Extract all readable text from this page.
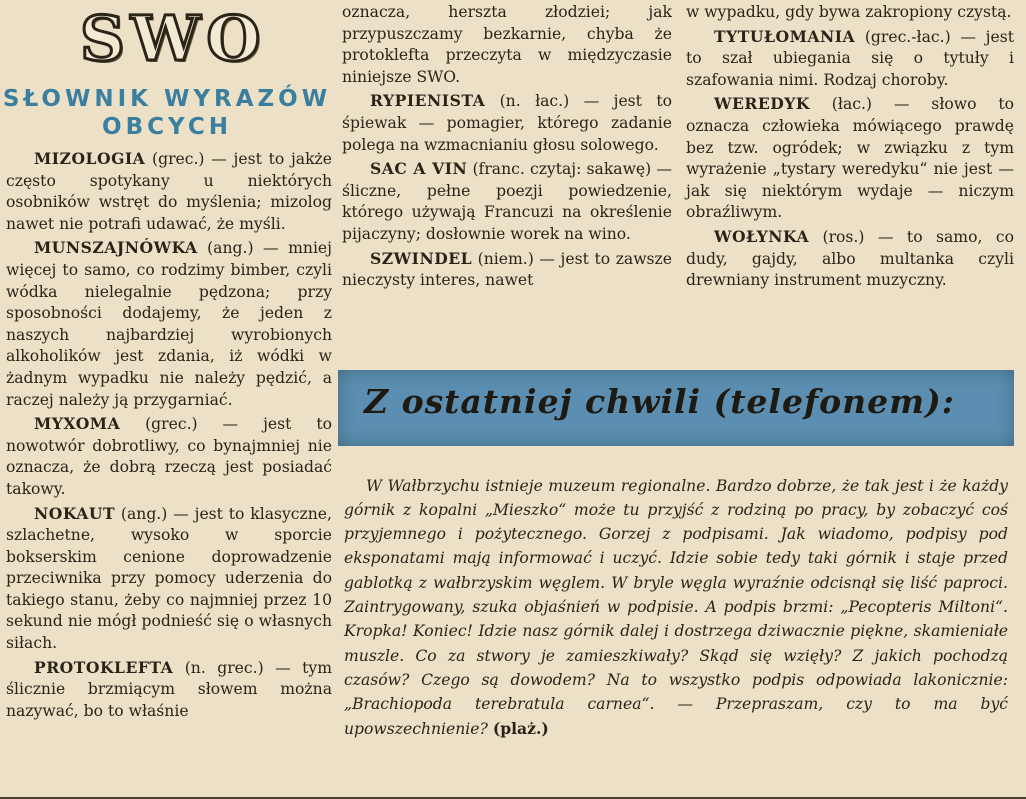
SWO
SŁOWNIK WYRAZÓW
OBCYCH

MIZOLOGIA (grec.) — jest to jakże często spotykany u niektórych osobników wstręt do myślenia; mizolog nawet nie potrafi udawać, że myśli.

MUNSZAJNÓWKA (ang.) — mniej więcej to samo, co rodzimy bimber, czyli wódka nielegalnie pędzona; przy sposobności dodajemy, że jeden z naszych najbardziej wyrobionych alkoholików jest zdania, iż wódki w żadnym wypadku nie należy pędzić, a raczej należy ją przygarniać.

MYXOMA (grec.) — jest to nowotwór dobrotliwy, co bynajmniej nie oznacza, że dobrą rzeczą jest posiadać takowy.

NOKAUT (ang.) — jest to klasyczne, szlachetne, wysoko w sporcie bokserskim cenione doprowadzenie przeciwnika przy pomocy uderzenia do takiego stanu, żeby co najmniej przez 10 sekund nie mógł podnieść się o własnych siłach.

PROTOKLEFTA (n. grec.) — tym ślicznie brzmiącym słowem można nazywać, bo to właśnie

oznacza, herszta złodziei; jak przypuszczamy bezkarnie, chyba że protokleftа przeczyta w międzyczasie niniejsze SWO.

RYPIENISTA (n. łac.) — jest to śpiewak — pomagier, którego zadanie polega na wzmacnianiu głosu solowego.

SAC A VIN (franc. czytaj: sakawę) — śliczne, pełne poezji powiedzenie, którego używają Francuzi na określenie pijaczyny; dosłownie worek na wino.

SZWINDEL (niem.) — jest to zawsze nieczysty interes, nawet

w wypadku, gdy bywa zakropiony czystą.

TYTUŁOMANIA (grec.-łac.) — jest to szał ubiegania się o tytuły i szafowania nimi. Rodzaj choroby.

WEREDYK (łac.) — słowo to oznacza człowieka mówiącego prawdę bez tzw. ogródek; w związku z tym wyrażenie „tystary weredyku“ nie jest — jak się niektórym wydaje — niczym obraźliwym.

WOŁYNKA (ros.) — to samo, co dudy, gajdy, albo multanka czyli drewniany instrument muzyczny.

Z ostatniej chwili (telefonem):

W Wałbrzychu istnieje muzeum regionalne. Bardzo dobrze, że tak jest i że każdy górnik z kopalni „Mieszko“ może tu przyjść z rodziną po pracy, by zobaczyć coś przyjemnego i pożytecznego. Gorzej z podpisami. Jak wiadomo, podpisy pod eksponatami mają informować i uczyć. Idzie sobie tedy taki górnik i staje przed gablotką z wałbrzyskim węglem. W bryle węgla wyraźnie odcisnął się liść paproci. Zaintrygowany, szuka objaśnień w podpisie. A podpis brzmi: „Pecopteris Miltoni“. Kropka! Koniec! Idzie nasz górnik dalej i dostrzega dziwacznie piękne, skamieniałe muszle. Co za stwory je zamieszkiwały? Skąd się wzięły? Z jakich pochodzą czasów? Czego są dowodem? Na to wszystko podpis odpowiada lakonicznie: „Brachiopoda terebratula carnea“. — Przepraszam, czy to ma być upowszechnienie? (plaż.)
